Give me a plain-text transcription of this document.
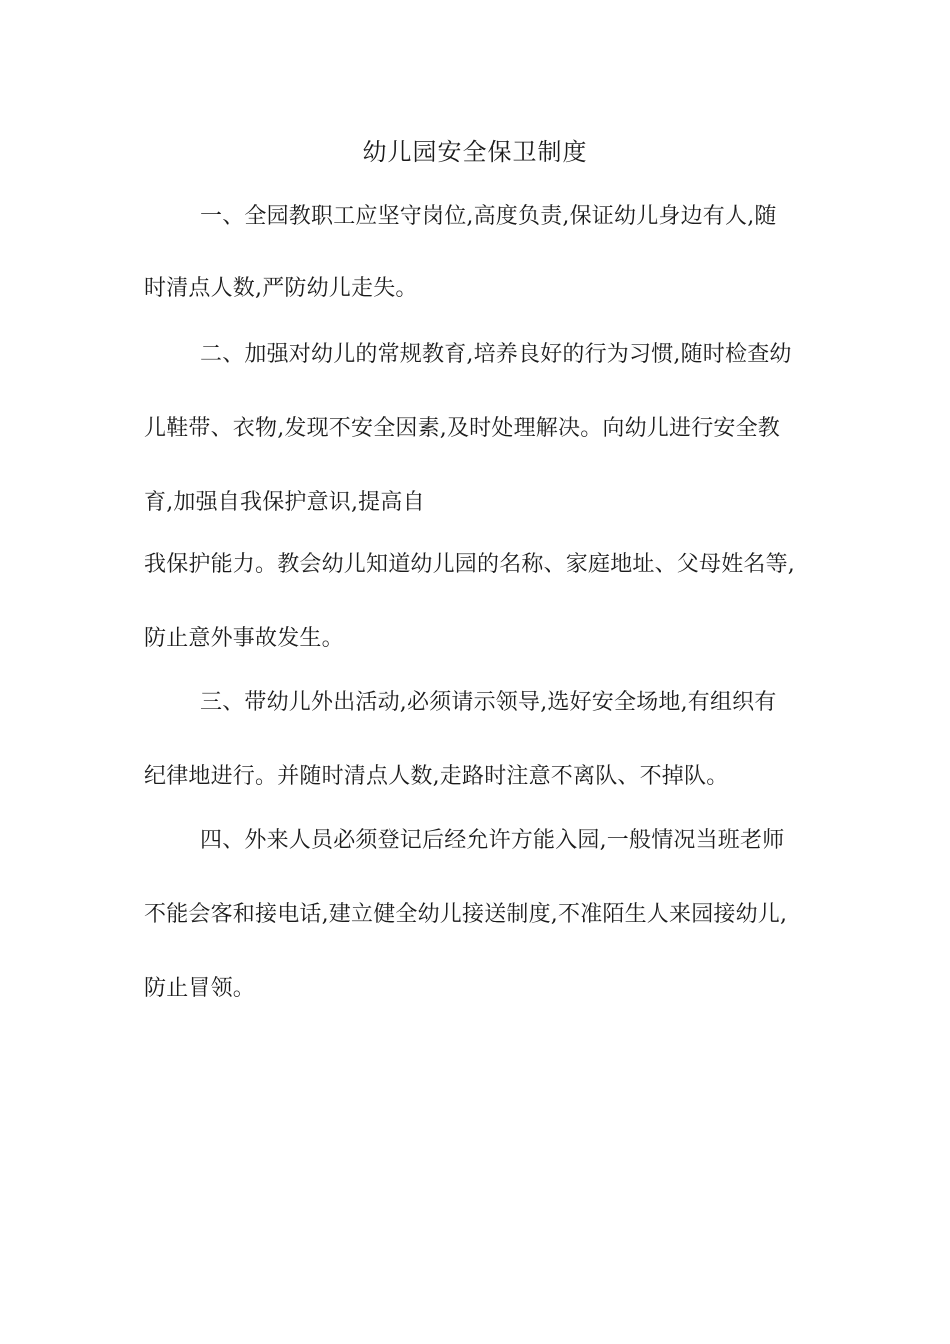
幼儿园安全保卫制度
一、全园教职工应坚守岗位,高度负责,保证幼儿身边有人,随
时清点人数,严防幼儿走失。
二、加强对幼儿的常规教育,培养良好的行为习惯,随时检查幼
儿鞋带、衣物,发现不安全因素,及时处理解决。向幼儿进行安全教
育,加强自我保护意识,提高自
我保护能力。教会幼儿知道幼儿园的名称、家庭地址、父母姓名等,
防止意外事故发生。
三、带幼儿外出活动,必须请示领导,选好安全场地,有组织有
纪律地进行。并随时清点人数,走路时注意不离队、不掉队。
四、外来人员必须登记后经允许方能入园,一般情况当班老师
不能会客和接电话,建立健全幼儿接送制度,不准陌生人来园接幼儿,
防止冒领。
